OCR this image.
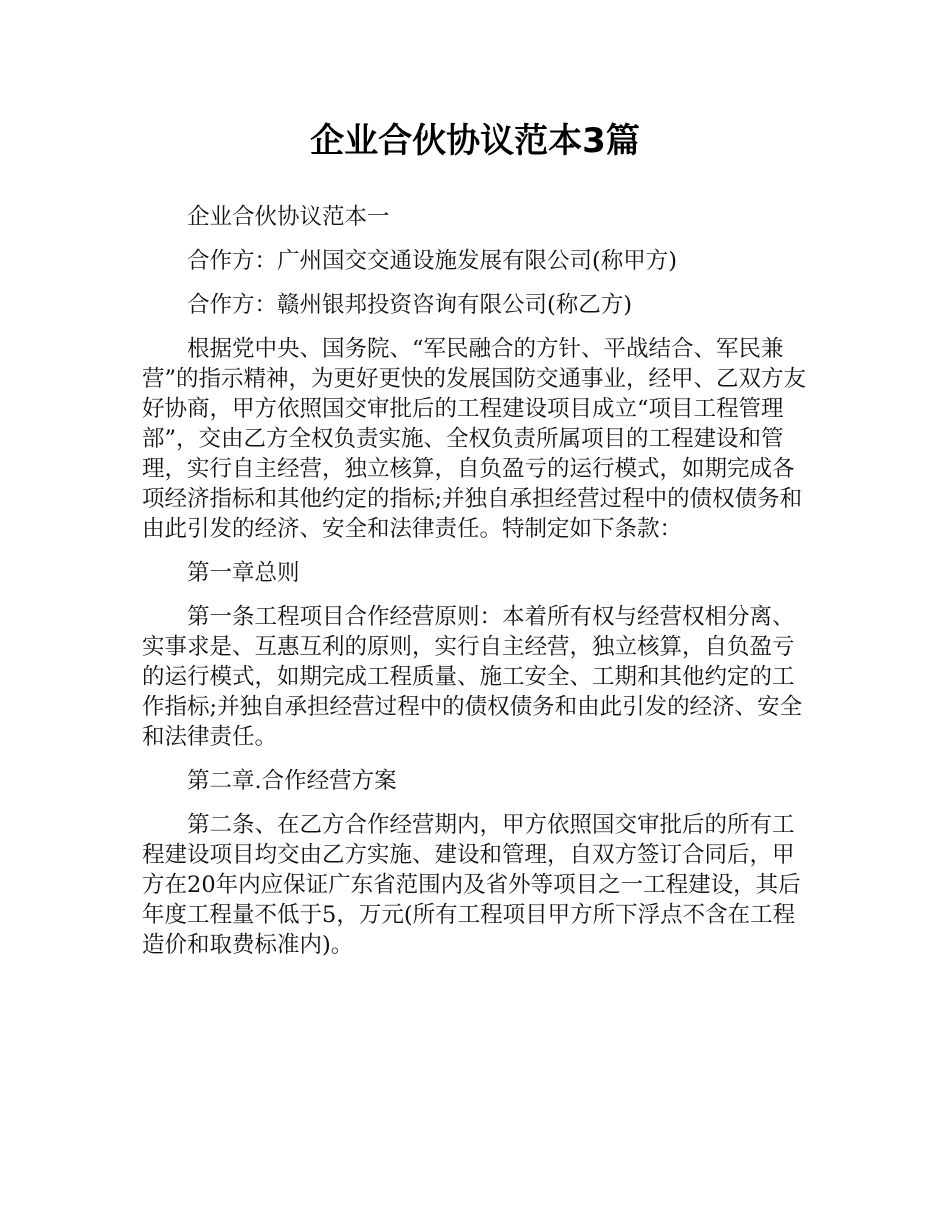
企业合伙协议范本3篇

企业合伙协议范本一

合作方：广州国交交通设施发展有限公司(称甲方)

合作方：赣州银邦投资咨询有限公司(称乙方)

根据党中央、国务院、“军民融合的方针、平战结合、军民兼营”的指示精神，为更好更快的发展国防交通事业，经甲、乙双方友好协商，甲方依照国交审批后的工程建设项目成立“项目工程管理部”，交由乙方全权负责实施、全权负责所属项目的工程建设和管理，实行自主经营，独立核算，自负盈亏的运行模式，如期完成各项经济指标和其他约定的指标;并独自承担经营过程中的债权债务和由此引发的经济、安全和法律责任。特制定如下条款：

第一章总则

第一条工程项目合作经营原则：本着所有权与经营权相分离、实事求是、互惠互利的原则，实行自主经营，独立核算，自负盈亏的运行模式，如期完成工程质量、施工安全、工期和其他约定的工作指标;并独自承担经营过程中的债权债务和由此引发的经济、安全和法律责任。

第二章.合作经营方案

第二条、在乙方合作经营期内，甲方依照国交审批后的所有工程建设项目均交由乙方实施、建设和管理，自双方签订合同后，甲方在20年内应保证广东省范围内及省外等项目之一工程建设，其后年度工程量不低于5，万元(所有工程项目甲方所下浮点不含在工程造价和取费标准内)。
